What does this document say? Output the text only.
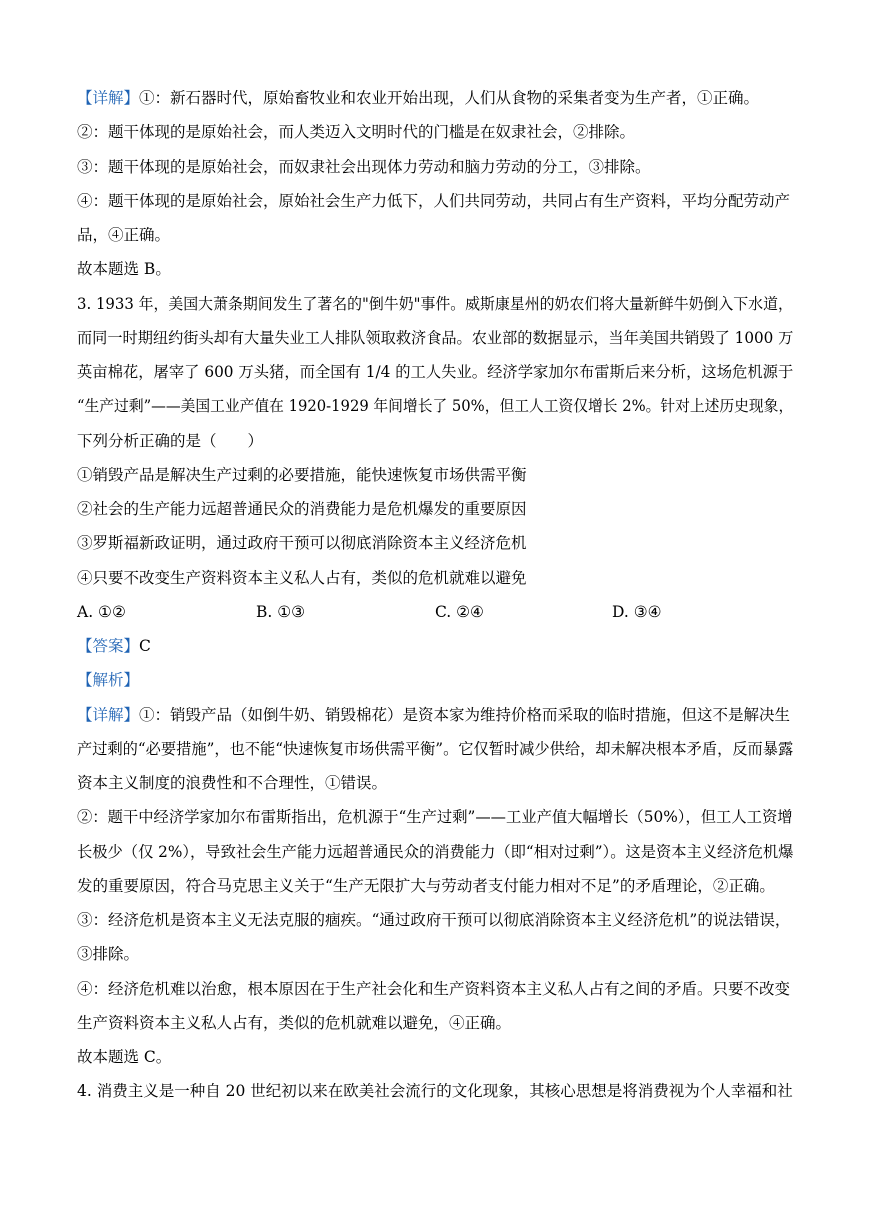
【详解】①：新石器时代，原始畜牧业和农业开始出现，人们从食物的采集者变为生产者，①正确。
②：题干体现的是原始社会，而人类迈入文明时代的门槛是在奴隶社会，②排除。
③：题干体现的是原始社会，而奴隶社会出现体力劳动和脑力劳动的分工，③排除。
④：题干体现的是原始社会，原始社会生产力低下，人们共同劳动，共同占有生产资料，平均分配劳动产
品，④正确。
故本题选 B。
3. 1933 年，美国大萧条期间发生了著名的"倒牛奶"事件。威斯康星州的奶农们将大量新鲜牛奶倒入下水道，
而同一时期纽约街头却有大量失业工人排队领取救济食品。农业部的数据显示，当年美国共销毁了 1000 万
英亩棉花，屠宰了 600 万头猪，而全国有 1/4 的工人失业。经济学家加尔布雷斯后来分析，这场危机源于
“生产过剩”——美国工业产值在 1920-1929 年间增长了 50%，但工人工资仅增长 2%。针对上述历史现象，
下列分析正确的是（　　）
①销毁产品是解决生产过剩的必要措施，能快速恢复市场供需平衡
②社会的生产能力远超普通民众的消费能力是危机爆发的重要原因
③罗斯福新政证明，通过政府干预可以彻底消除资本主义经济危机
④只要不改变生产资料资本主义私人占有，类似的危机就难以避免
A. ①②	B. ①③	C. ②④	D. ③④
【答案】C
【解析】
【详解】①：销毁产品（如倒牛奶、销毁棉花）是资本家为维持价格而采取的临时措施，但这不是解决生
产过剩的“必要措施”，也不能“快速恢复市场供需平衡”。它仅暂时减少供给，却未解决根本矛盾，反而暴露
资本主义制度的浪费性和不合理性，①错误。
②：题干中经济学家加尔布雷斯指出，危机源于“生产过剩”——工业产值大幅增长（50%），但工人工资增
长极少（仅 2%），导致社会生产能力远超普通民众的消费能力（即“相对过剩”）。这是资本主义经济危机爆
发的重要原因，符合马克思主义关于“生产无限扩大与劳动者支付能力相对不足”的矛盾理论，②正确。
③：经济危机是资本主义无法克服的痼疾。“通过政府干预可以彻底消除资本主义经济危机”的说法错误，
③排除。
④：经济危机难以治愈，根本原因在于生产社会化和生产资料资本主义私人占有之间的矛盾。只要不改变
生产资料资本主义私人占有，类似的危机就难以避免，④正确。
故本题选 C。
4. 消费主义是一种自 20 世纪初以来在欧美社会流行的文化现象，其核心思想是将消费视为个人幸福和社
